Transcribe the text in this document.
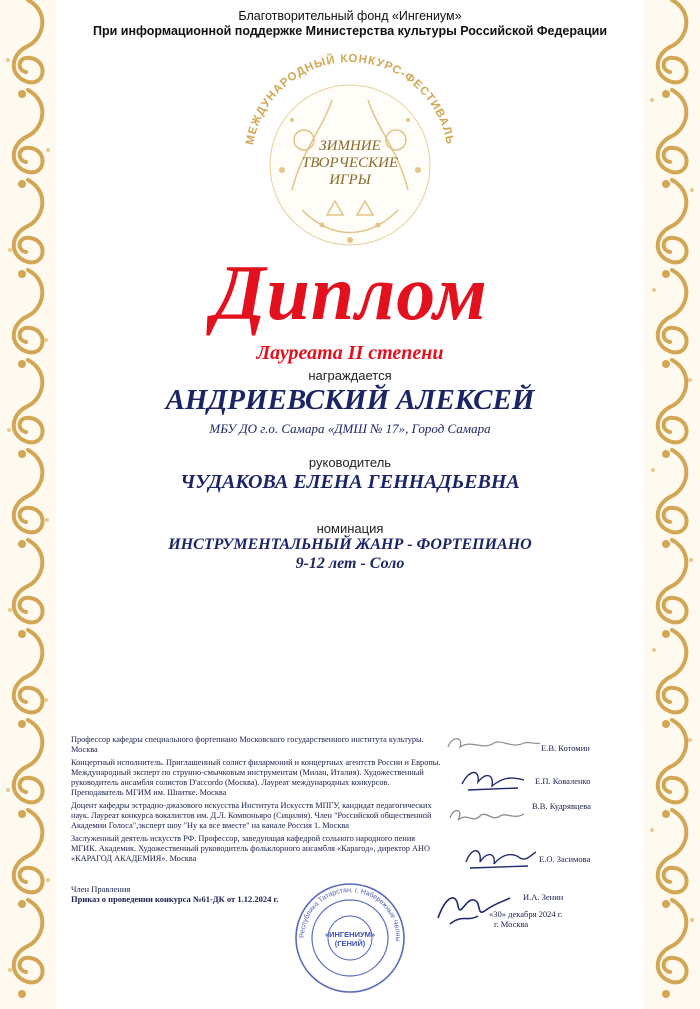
Благотворительный фонд «Ингениум»
При информационной поддержке Министерства культуры Российской Федерации
МЕЖДУНАРОДНЫЙ КОНКУРС-ФЕСТИВАЛЬ
ЗИМНИЕ
ТВОРЧЕСКИЕ
ИГРЫ
Диплом
Лауреата II степени
награждается
АНДРИЕВСКИЙ АЛЕКСЕЙ
МБУ ДО г.о. Самара «ДМШ № 17», Город Самара
руководитель
ЧУДАКОВА ЕЛЕНА ГЕННАДЬЕВНА
номинация
ИНСТРУМЕНТАЛЬНЫЙ ЖАНР - ФОРТЕПИАНО
9-12 лет - Соло
Профессор кафедры специального фортепиано Московского государственного института культуры. Москва
Концертный исполнитель. Приглашенный солист филармоний и концертных агентств России и Европы. Международный эксперт по струнно-смычковым инструментам (Милан, Италия). Художественный руководитель ансамбля солистов D'accordo (Москва). Лауреат международных конкурсов. Преподаватель МГИМ им. Шнитке. Москва
Доцент кафедры эстрадно-джазового искусства Института Искусств МПГУ, кандидат педагогических наук. Лауреат конкурса вокалистов им. Д.Л. Компоньяро (Сицилия). Член "Российской общественной Академии Голоса",эксперт шоу "Ну ка все вместе" на канале Россия 1. Москва
Заслуженный деятель искусств РФ. Профессор, заведующая кафедрой сольного народного пения МГИК. Академик. Художественный руководитель фольклорного ансамбля «Карагод», директор АНО «КАРАГОД АКАДЕМИЯ». Москва
Е.В. Котомин
Е.П. Коваленко
В.В. Кудрявцева
Е.О. Засимова
Член Правления
Приказ о проведении конкурса №61-ДК от 1.12.2024 г.
Республика Татарстан, г. Набережные Челны
«ИНГЕНИУМ»
(ГЕНИЙ)
И.А. Зенин
«30» декабря 2024 г.
г. Москва
